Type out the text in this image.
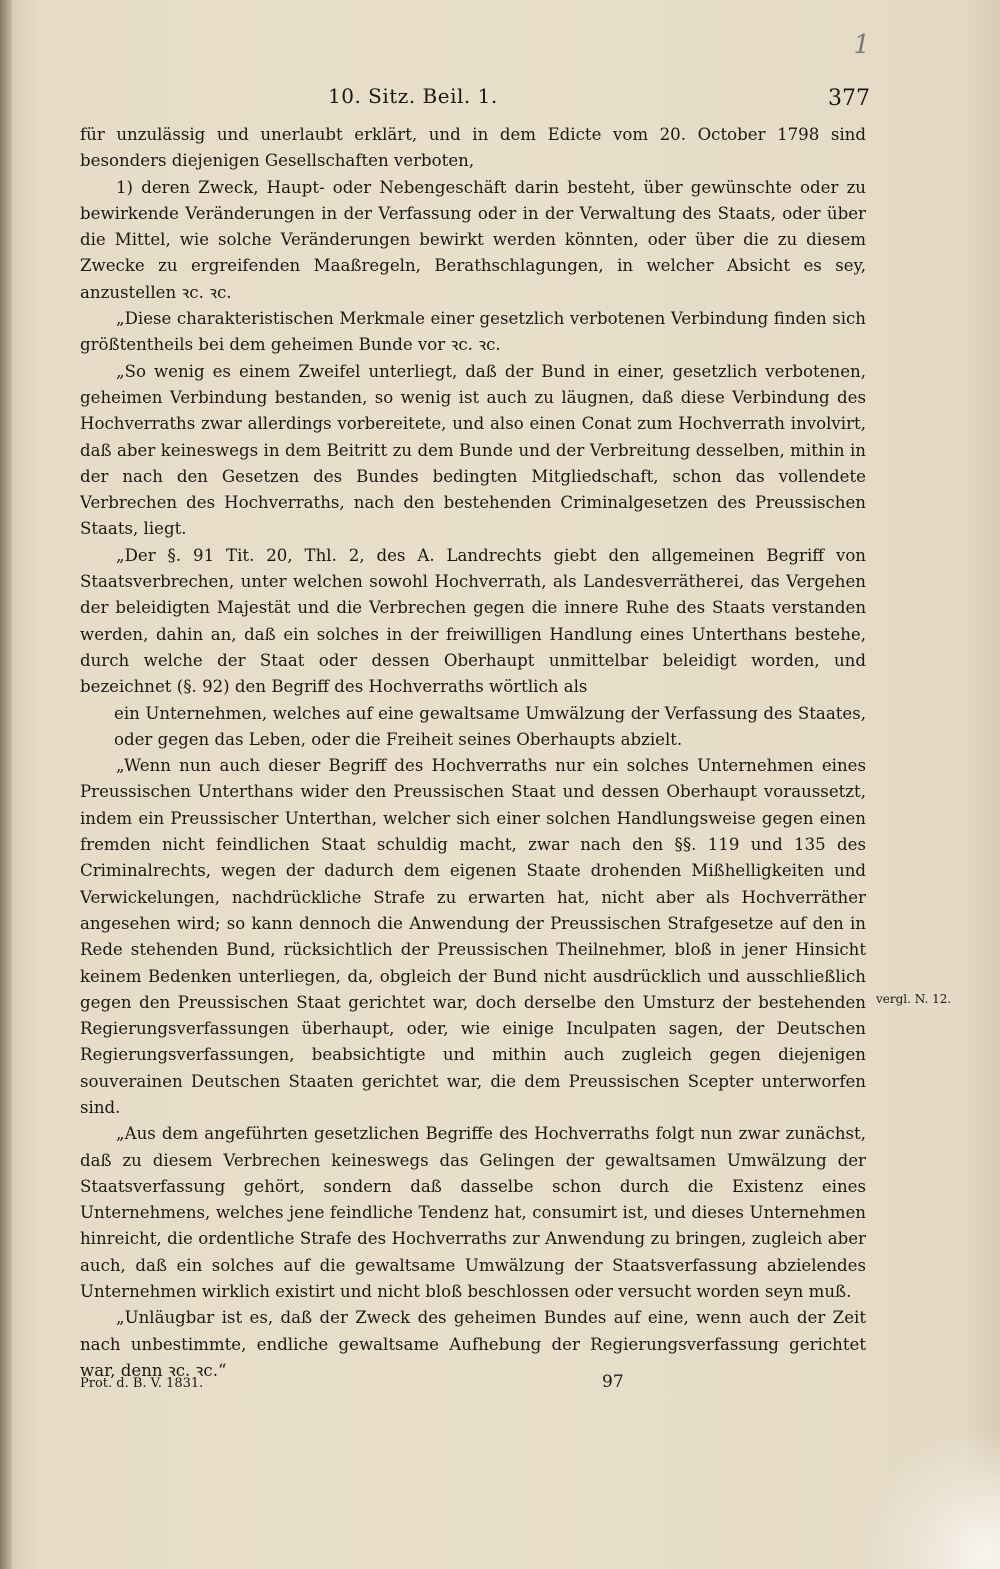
10. Sitz. Beil. 1.	377
1

für unzulässig und unerlaubt erklärt, und in dem Edicte vom 20. October 1798 sind besonders diejenigen Gesellschaften verboten,

1) deren Zweck, Haupt- oder Nebengeschäft darin besteht, über gewünschte oder zu bewirkende Veränderungen in der Verfassung oder in der Verwaltung des Staats, oder über die Mittel, wie solche Veränderungen bewirkt werden könnten, oder über die zu diesem Zwecke zu ergreifenden Maaßregeln, Berathschlagungen, in welcher Absicht es sey, anzustellen ꝛc. ꝛc.

„Diese charakteristischen Merkmale einer gesetzlich verbotenen Verbindung finden sich größtentheils bei dem geheimen Bunde vor ꝛc. ꝛc.

„So wenig es einem Zweifel unterliegt, daß der Bund in einer, gesetzlich verbotenen, geheimen Verbindung bestanden, so wenig ist auch zu läugnen, daß diese Verbindung des Hochverraths zwar allerdings vorbereitete, und also einen Conat zum Hochverrath involvirt, daß aber keineswegs in dem Beitritt zu dem Bunde und der Verbreitung desselben, mithin in der nach den Gesetzen des Bundes bedingten Mitgliedschaft, schon das vollendete Verbrechen des Hochverraths, nach den bestehenden Criminalgesetzen des Preussischen Staats, liegt.

„Der §. 91 Tit. 20, Thl. 2, des A. Landrechts giebt den allgemeinen Begriff von Staatsverbrechen, unter welchen sowohl Hochverrath, als Landesverrätherei, das Vergehen der beleidigten Majestät und die Verbrechen gegen die innere Ruhe des Staats verstanden werden, dahin an, daß ein solches in der freiwilligen Handlung eines Unterthans bestehe, durch welche der Staat oder dessen Oberhaupt unmittelbar beleidigt worden, und bezeichnet (§. 92) den Begriff des Hochverraths wörtlich als

ein Unternehmen, welches auf eine gewaltsame Umwälzung der Verfassung des Staates, oder gegen das Leben, oder die Freiheit seines Oberhaupts abzielt.

„Wenn nun auch dieser Begriff des Hochverraths nur ein solches Unternehmen eines Preussischen Unterthans wider den Preussischen Staat und dessen Oberhaupt voraussetzt, indem ein Preussischer Unterthan, welcher sich einer solchen Handlungsweise gegen einen fremden nicht feindlichen Staat schuldig macht, zwar nach den §§. 119 und 135 des Criminalrechts, wegen der dadurch dem eigenen Staate drohenden Mißhelligkeiten und Verwickelungen, nachdrückliche Strafe zu erwarten hat, nicht aber als Hochverräther angesehen wird; so kann dennoch die Anwendung der Preussischen Strafgesetze auf den in Rede stehenden Bund, rücksichtlich der Preussischen Theilnehmer, bloß in jener Hinsicht keinem Bedenken unterliegen, da, obgleich der Bund nicht ausdrücklich und ausschließlich gegen den Preussischen Staat gerichtet war, doch derselbe den Umsturz der bestehenden Regierungsverfassungen überhaupt, oder, wie einige Inculpaten sagen, der Deutschen Regierungsverfassungen, beabsichtigte und mithin auch zugleich gegen diejenigen souverainen Deutschen Staaten gerichtet war, die dem Preussischen Scepter unterworfen sind.

„Aus dem angeführten gesetzlichen Begriffe des Hochverraths folgt nun zwar zunächst, daß zu diesem Verbrechen keineswegs das Gelingen der gewaltsamen Umwälzung der Staatsverfassung gehört, sondern daß dasselbe schon durch die Existenz eines Unternehmens, welches jene feindliche Tendenz hat, consumirt ist, und dieses Unternehmen hinreicht, die ordentliche Strafe des Hochverraths zur Anwendung zu bringen, zugleich aber auch, daß ein solches auf die gewaltsame Umwälzung der Staatsverfassung abzielendes Unternehmen wirklich existirt und nicht bloß beschlossen oder versucht worden seyn muß.

„Unläugbar ist es, daß der Zweck des geheimen Bundes auf eine, wenn auch der Zeit nach unbestimmte, endliche gewaltsame Aufhebung der Regierungsverfassung gerichtet war, denn ꝛc. ꝛc.“

vergl. N. 12.
Prot. d. B. V. 1831.	97
